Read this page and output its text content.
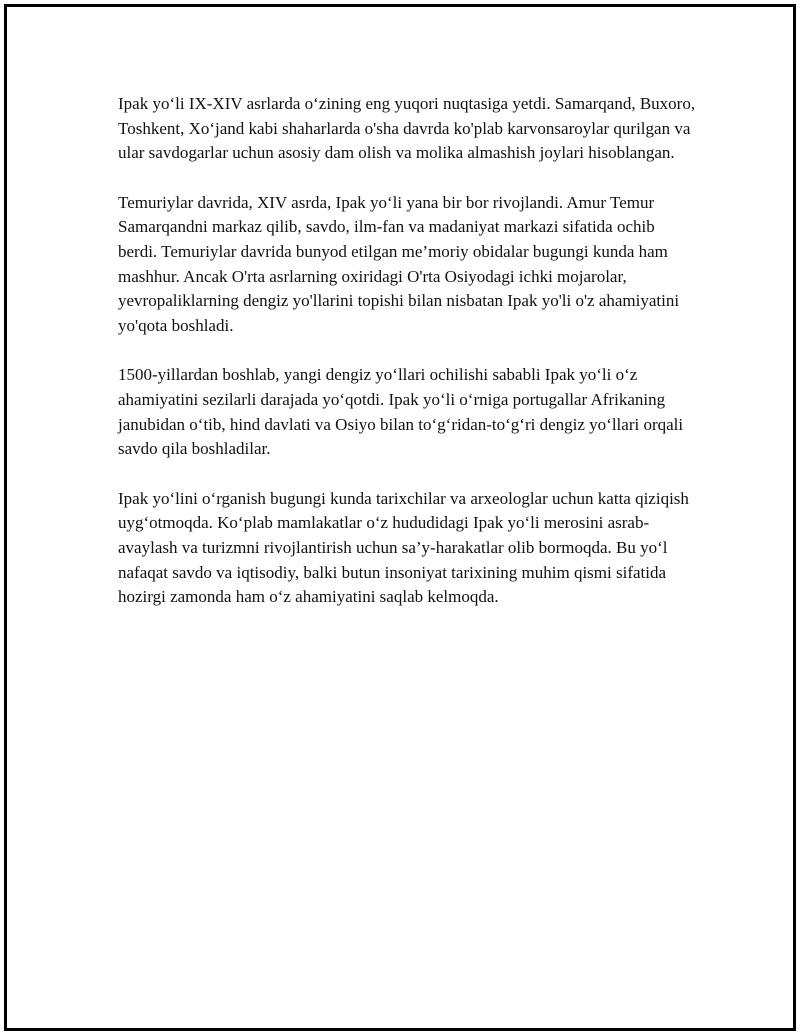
Ipak yo‘li IX-XIV asrlarda o‘zining eng yuqori nuqtasiga yetdi. Samarqand, Buxoro, Toshkent, Xo‘jand kabi shaharlarda o'sha davrda ko'plab karvonsaroylar qurilgan va ular savdogarlar uchun asosiy dam olish va molika almashish joylari hisoblangan.

Temuriylar davrida, XIV asrda, Ipak yo‘li yana bir bor rivojlandi. Amur Temur Samarqandni markaz qilib, savdo, ilm-fan va madaniyat markazi sifatida ochib berdi. Temuriylar davrida bunyod etilgan me’moriy obidalar bugungi kunda ham mashhur. Ancak O'rta asrlarning oxiridagi O'rta Osiyodagi ichki mojarolar, yevropaliklarning dengiz yo'llarini topishi bilan nisbatan Ipak yo'li o'z ahamiyatini yo'qota boshladi.

1500-yillardan boshlab, yangi dengiz yo‘llari ochilishi sababli Ipak yo‘li o‘z ahamiyatini sezilarli darajada yo‘qotdi. Ipak yo‘li o‘rniga portugallar Afrikaning janubidan o‘tib, hind davlati va Osiyo bilan to‘g‘ridan-to‘g‘ri dengiz yo‘llari orqali savdo qila boshladilar.

Ipak yo‘lini o‘rganish bugungi kunda tarixchilar va arxeologlar uchun katta qiziqish uyg‘otmoqda. Ko‘plab mamlakatlar o‘z hududidagi Ipak yo‘li merosini asrab-avaylash va turizmni rivojlantirish uchun sa’y-harakatlar olib bormoqda. Bu yo‘l nafaqat savdo va iqtisodiy, balki butun insoniyat tarixining muhim qismi sifatida hozirgi zamonda ham o‘z ahamiyatini saqlab kelmoqda.
